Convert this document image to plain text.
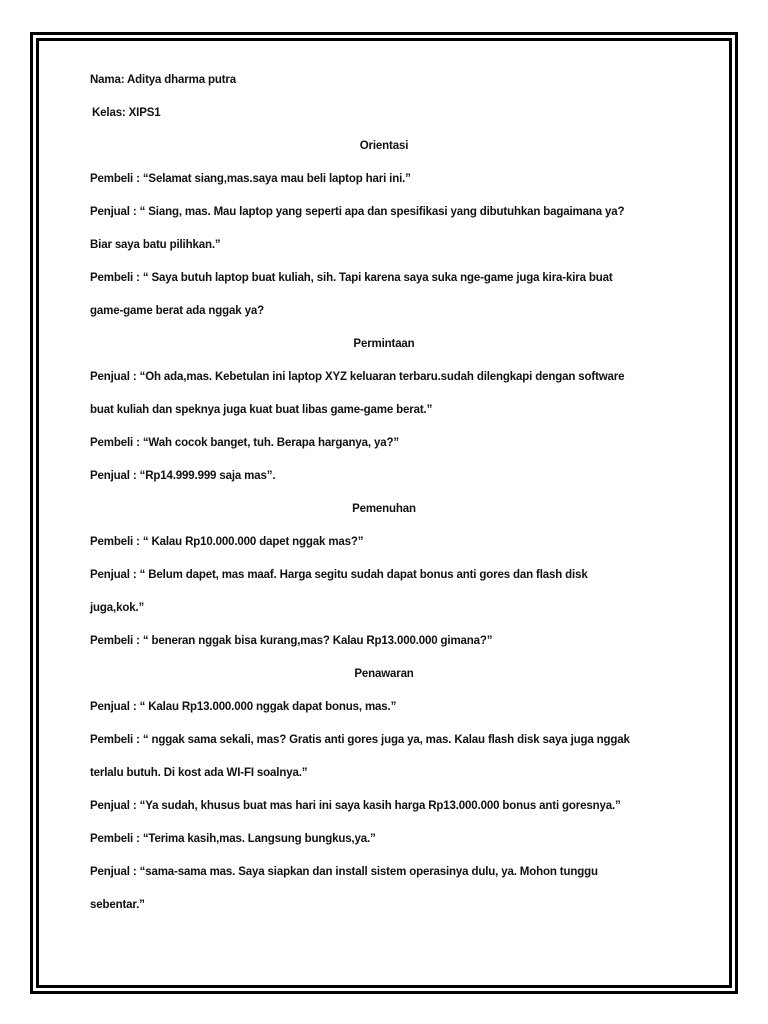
Nama: Aditya dharma putra
Kelas: XIPS1
Orientasi
Pembeli : “Selamat siang,mas.saya mau beli laptop hari ini.”
Penjual : “ Siang, mas. Mau laptop yang seperti apa dan spesifikasi yang dibutuhkan bagaimana ya?
Biar saya batu pilihkan.”
Pembeli : “ Saya butuh laptop buat kuliah, sih. Tapi karena saya suka nge-game juga kira-kira buat
game-game berat ada nggak ya?
Permintaan
Penjual : “Oh ada,mas. Kebetulan ini laptop XYZ keluaran terbaru.sudah dilengkapi dengan software
buat kuliah dan speknya juga kuat buat libas game-game berat.”
Pembeli : “Wah cocok banget, tuh. Berapa harganya, ya?”
Penjual : “Rp14.999.999 saja mas”.
Pemenuhan
Pembeli : “ Kalau Rp10.000.000 dapet nggak mas?”
Penjual : “ Belum dapet, mas maaf. Harga segitu sudah dapat bonus anti gores dan flash disk
juga,kok.”
Pembeli : “ beneran nggak bisa kurang,mas? Kalau Rp13.000.000 gimana?”
Penawaran
Penjual : “ Kalau Rp13.000.000 nggak dapat bonus, mas.”
Pembeli : “ nggak sama sekali, mas? Gratis anti gores juga ya, mas. Kalau flash disk saya juga nggak
terlalu butuh. Di kost ada WI-FI soalnya.”
Penjual : “Ya sudah, khusus buat mas hari ini saya kasih harga Rp13.000.000 bonus anti goresnya.”
Pembeli : “Terima kasih,mas. Langsung bungkus,ya.”
Penjual : “sama-sama mas. Saya siapkan dan install sistem operasinya dulu, ya. Mohon tunggu
sebentar.”
